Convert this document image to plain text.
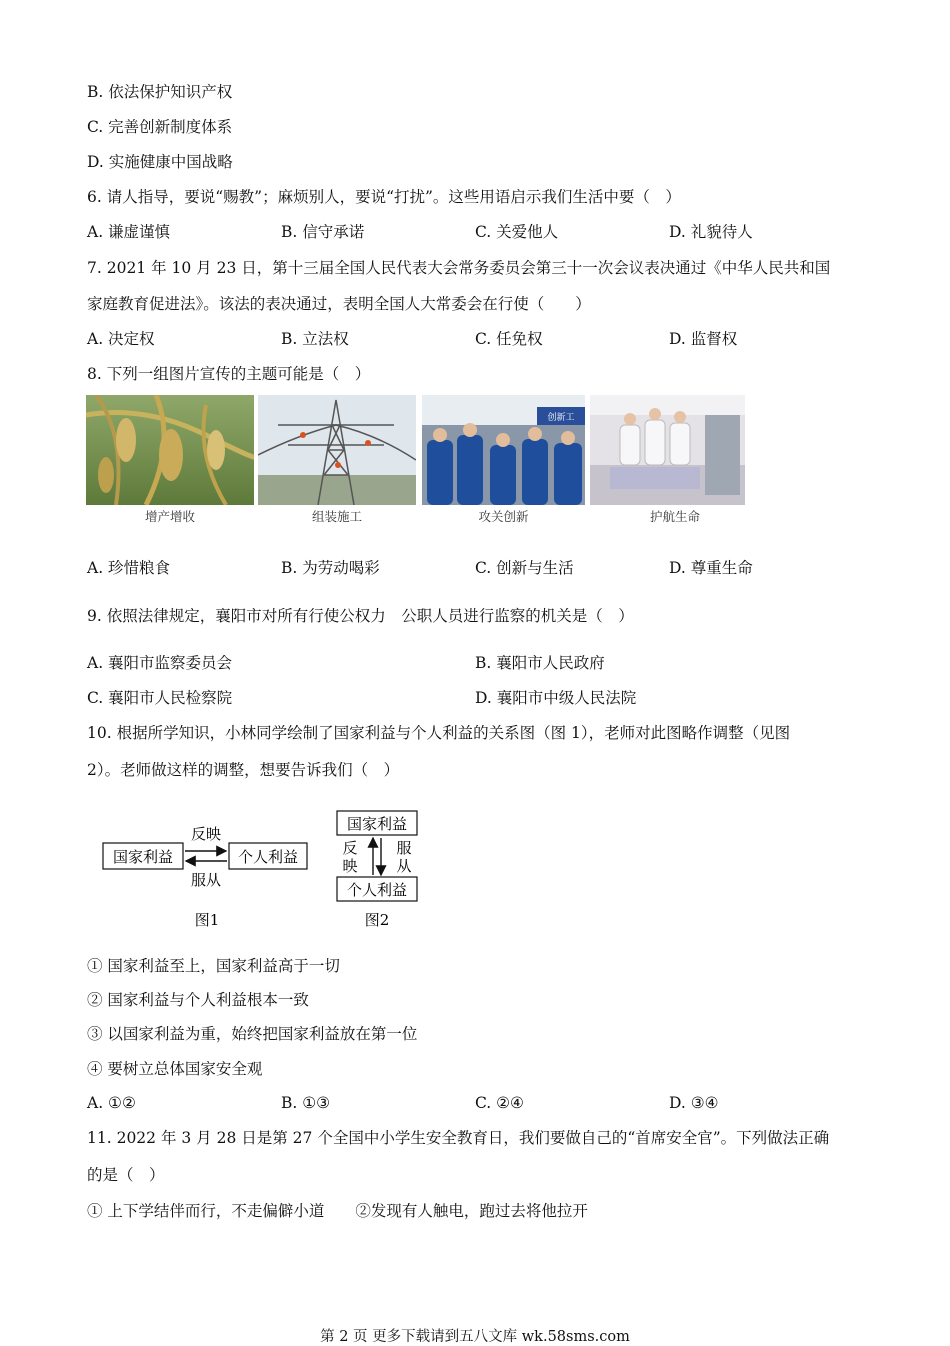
B. 依法保护知识产权
C. 完善创新制度体系
D. 实施健康中国战略
6. 请人指导，要说“赐教”；麻烦别人，要说“打扰”。这些用语启示我们生活中要（　）
A. 谦虚谨慎	B. 信守承诺	C. 关爱他人	D. 礼貌待人
7. 2021 年 10 月 23 日，第十三届全国人民代表大会常务委员会第三十一次会议表决通过《中华人民共和国
家庭教育促进法》。该法的表决通过，表明全国人大常委会在行使（　　）
A. 决定权	B. 立法权	C. 任免权	D. 监督权
8. 下列一组图片宣传的主题可能是（　）
创新工
增产增收	组装施工	攻关创新	护航生命
A. 珍惜粮食	B. 为劳动喝彩	C. 创新与生活	D. 尊重生命
9. 依照法律规定，襄阳市对所有行使公权力　公职人员进行监察的机关是（　）
A. 襄阳市监察委员会	B. 襄阳市人民政府
C. 襄阳市人民检察院	D. 襄阳市中级人民法院
10. 根据所学知识，小林同学绘制了国家利益与个人利益的关系图（图 1），老师对此图略作调整（见图
2）。老师做这样的调整，想要告诉我们（　）
国家利益	个人利益
反映
服从
图1
国家利益
个人利益
反
映
服
从
图2
① 国家利益至上，国家利益高于一切
② 国家利益与个人利益根本一致
③ 以国家利益为重，始终把国家利益放在第一位
④ 要树立总体国家安全观
A. ①②	B. ①③	C. ②④	D. ③④
11. 2022 年 3 月 28 日是第 27 个全国中小学生安全教育日，我们要做自己的“首席安全官”。下列做法正确
的是（　）
① 上下学结伴而行，不走偏僻小道　　②发现有人触电，跑过去将他拉开
第 2 页 更多下载请到五八文库 wk.58sms.com
